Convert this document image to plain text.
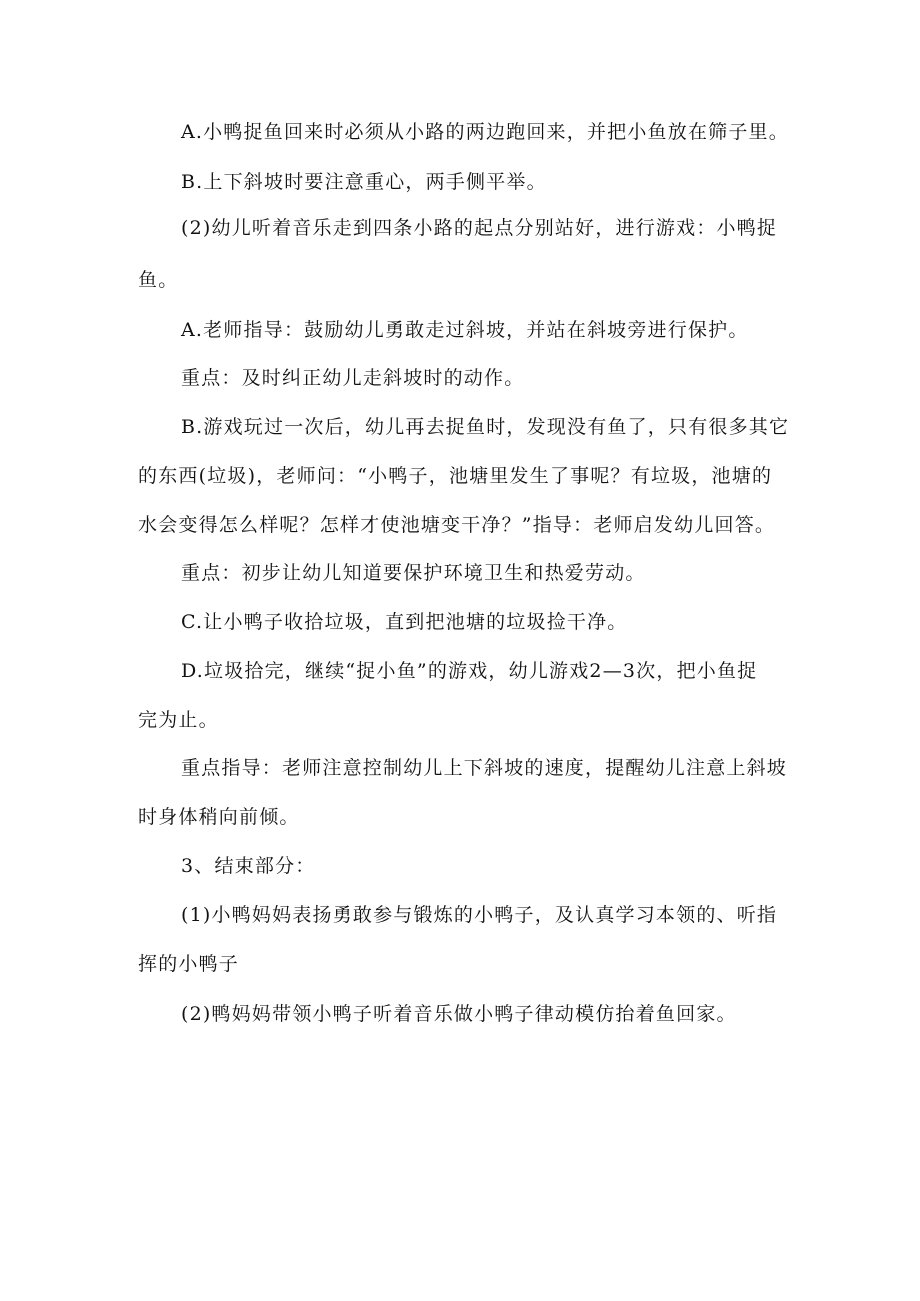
A.小鸭捉鱼回来时必须从小路的两边跑回来，并把小鱼放在筛子里。
B.上下斜坡时要注意重心，两手侧平举。
(2)幼儿听着音乐走到四条小路的起点分别站好，进行游戏：小鸭捉
鱼。
A.老师指导：鼓励幼儿勇敢走过斜坡，并站在斜坡旁进行保护。
重点：及时纠正幼儿走斜坡时的动作。
B.游戏玩过一次后，幼儿再去捉鱼时，发现没有鱼了，只有很多其它
的东西(垃圾)，老师问：“小鸭子，池塘里发生了事呢？有垃圾，池塘的
水会变得怎么样呢？怎样才使池塘变干净？”指导：老师启发幼儿回答。
重点：初步让幼儿知道要保护环境卫生和热爱劳动。
C.让小鸭子收拾垃圾，直到把池塘的垃圾捡干净。
D.垃圾拾完，继续“捉小鱼”的游戏，幼儿游戏2—3次，把小鱼捉
完为止。
重点指导：老师注意控制幼儿上下斜坡的速度，提醒幼儿注意上斜坡
时身体稍向前倾。
3、结束部分：
(1)小鸭妈妈表扬勇敢参与锻炼的小鸭子，及认真学习本领的、听指
挥的小鸭子
(2)鸭妈妈带领小鸭子听着音乐做小鸭子律动模仿抬着鱼回家。
